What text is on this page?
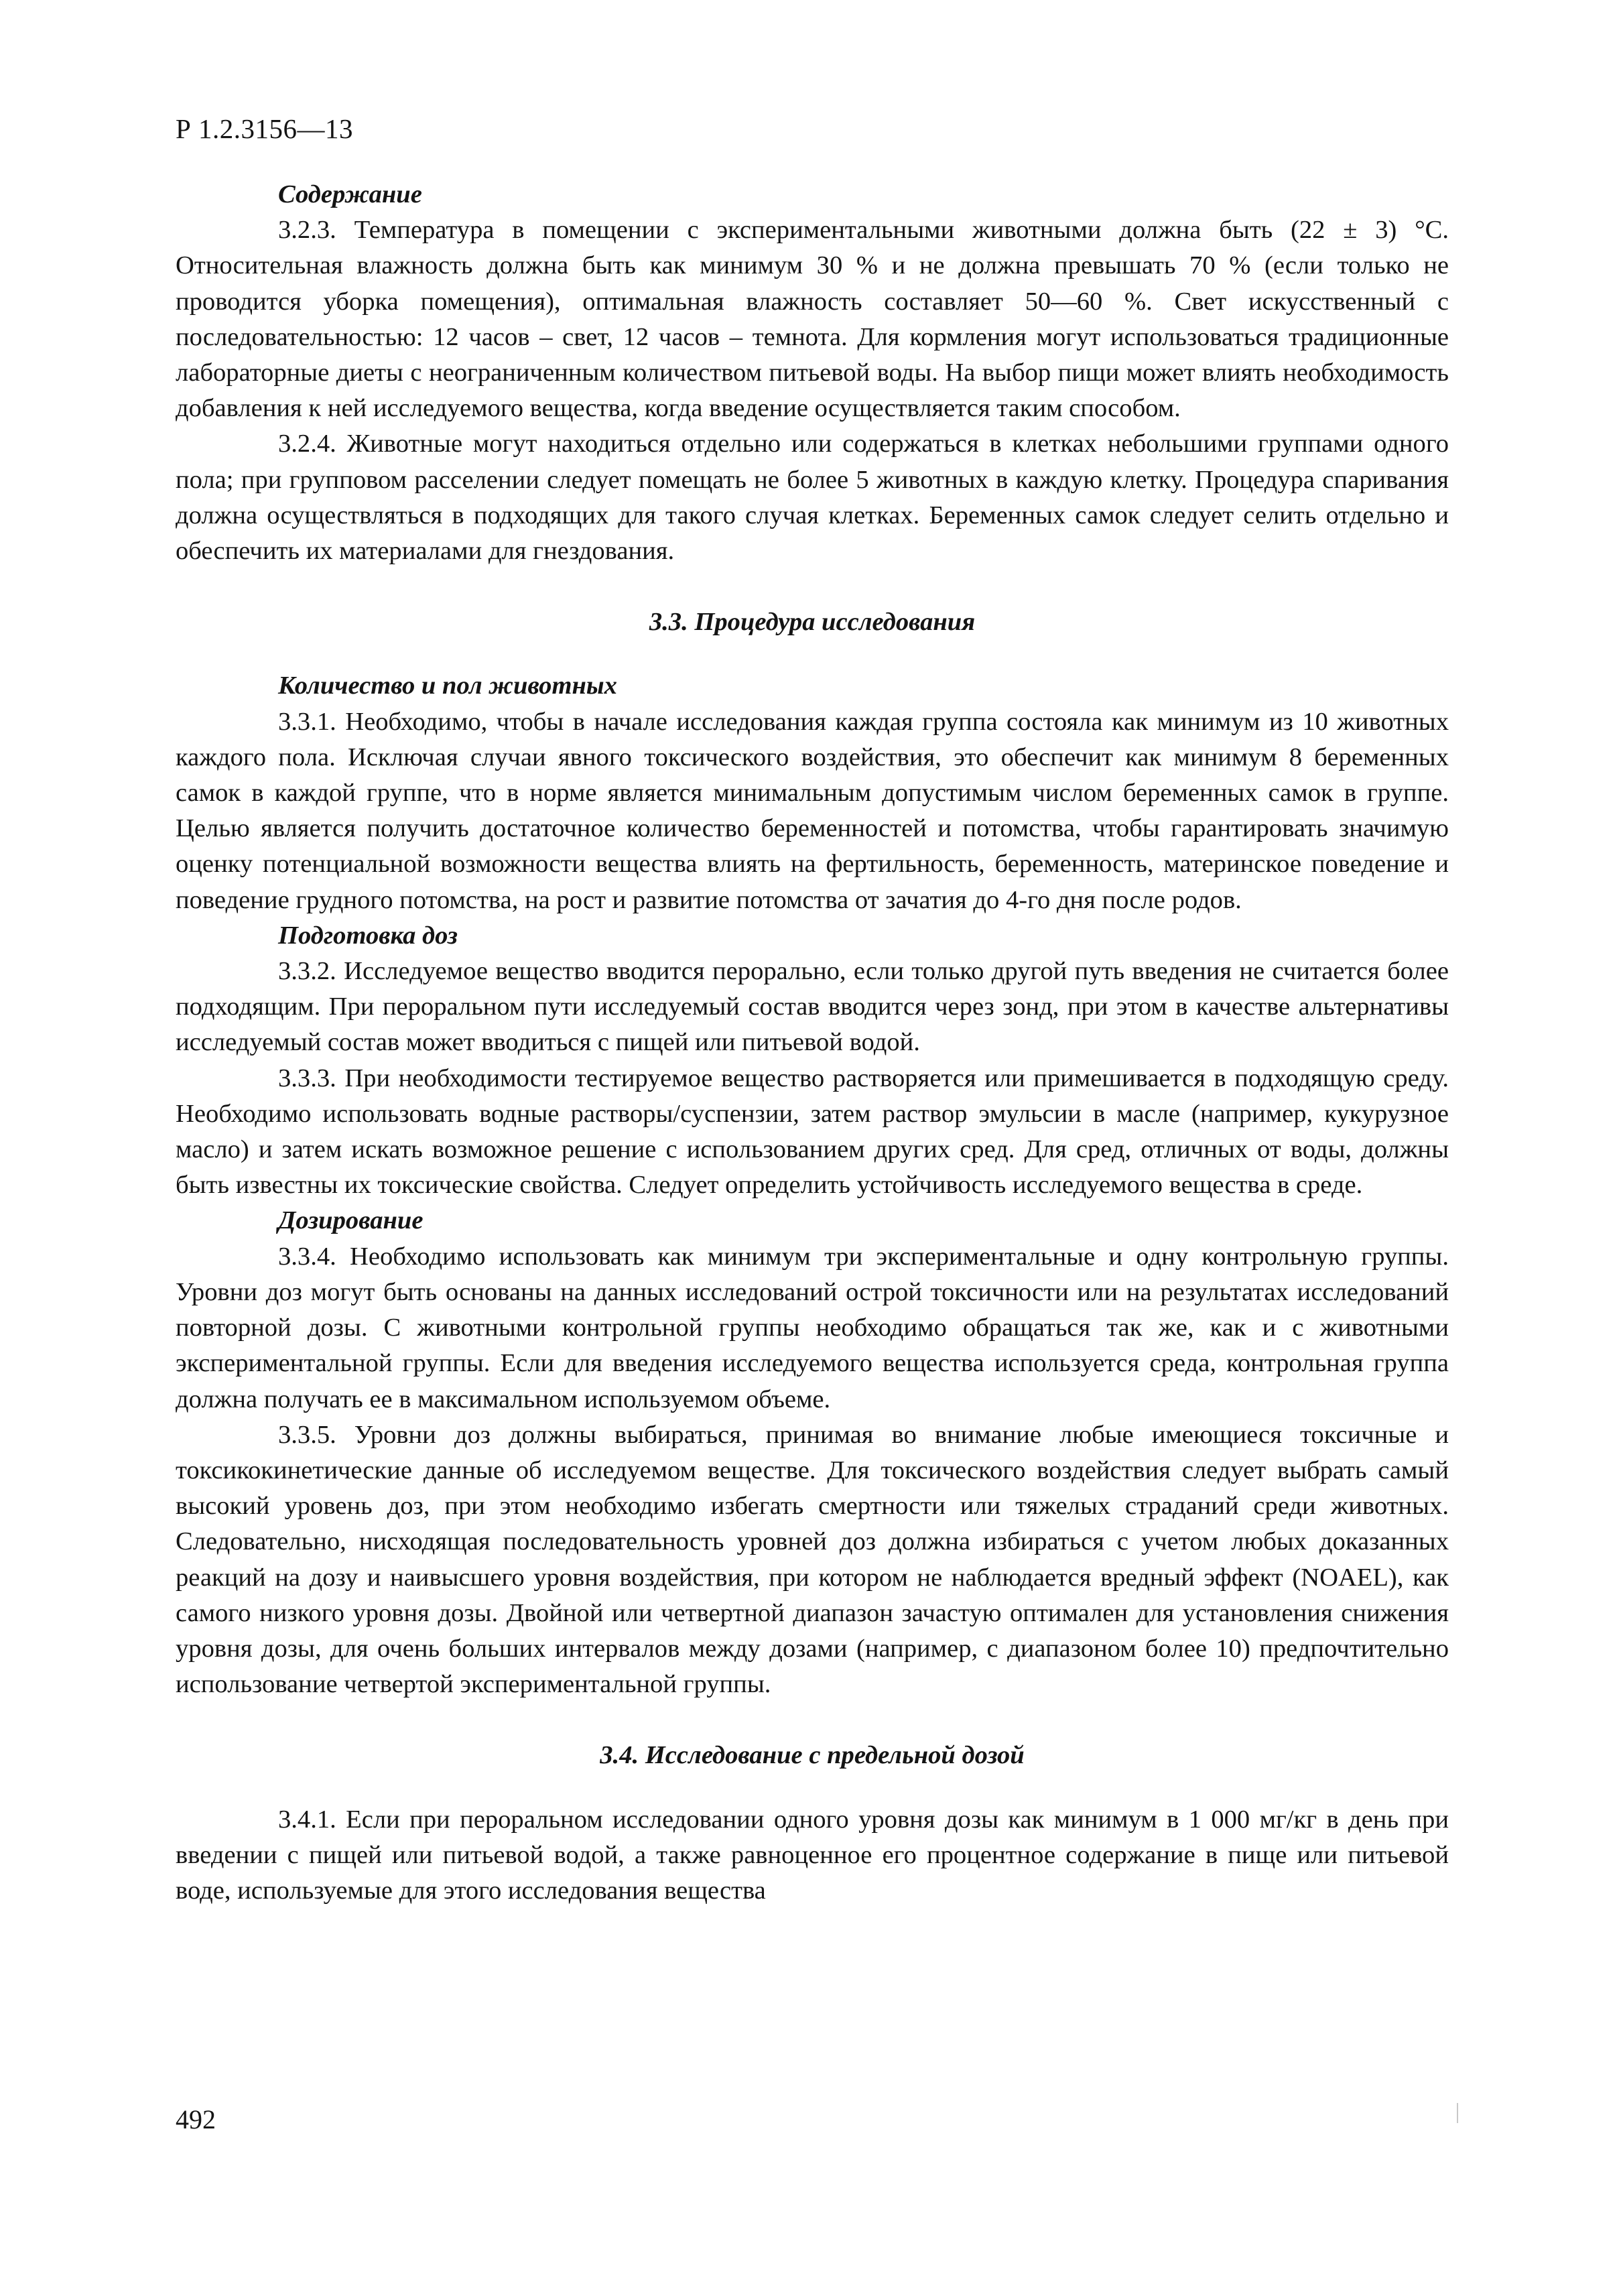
Р 1.2.3156—13
Содержание

3.2.3. Температура в помещении с экспериментальными животными должна быть (22 ± 3) °С. Относительная влажность должна быть как минимум 30 % и не должна превышать 70 % (если только не проводится уборка помещения), оптимальная влажность составляет 50—60 %. Свет искусственный с последовательностью: 12 часов – свет, 12 часов – темнота. Для кормления могут использоваться традиционные лабораторные диеты с неограниченным количеством питьевой воды. На выбор пищи может влиять необходимость добавления к ней исследуемого вещества, когда введение осуществляется таким способом.

3.2.4. Животные могут находиться отдельно или содержаться в клетках небольшими группами одного пола; при групповом расселении следует помещать не более 5 животных в каждую клетку. Процедура спаривания должна осуществляться в подходящих для такого случая клетках. Беременных самок следует селить отдельно и обеспечить их материалами для гнездования.

3.3. Процедура исследования
Количество и пол животных

3.3.1. Необходимо, чтобы в начале исследования каждая группа состояла как минимум из 10 животных каждого пола. Исключая случаи явного токсического воздействия, это обеспечит как минимум 8 беременных самок в каждой группе, что в норме является минимальным допустимым числом беременных самок в группе. Целью является получить достаточное количество беременностей и потомства, чтобы гарантировать значимую оценку потенциальной возможности вещества влиять на фертильность, беременность, материнское поведение и поведение грудного потомства, на рост и развитие потомства от зачатия до 4-го дня после родов.

Подготовка доз

3.3.2. Исследуемое вещество вводится перорально, если только другой путь введения не считается более подходящим. При пероральном пути исследуемый состав вводится через зонд, при этом в качестве альтернативы исследуемый состав может вводиться с пищей или питьевой водой.

3.3.3. При необходимости тестируемое вещество растворяется или примешивается в подходящую среду. Необходимо использовать водные растворы/суспензии, затем раствор эмульсии в масле (например, кукурузное масло) и затем искать возможное решение с использованием других сред. Для сред, отличных от воды, должны быть известны их токсические свойства. Следует определить устойчивость исследуемого вещества в среде.

Дозирование

3.3.4. Необходимо использовать как минимум три экспериментальные и одну контрольную группы. Уровни доз могут быть основаны на данных исследований острой токсичности или на результатах исследований повторной дозы. С животными контрольной группы необходимо обращаться так же, как и с животными экспериментальной группы. Если для введения исследуемого вещества используется среда, контрольная группа должна получать ее в максимальном используемом объеме.

3.3.5. Уровни доз должны выбираться, принимая во внимание любые имеющиеся токсичные и токсикокинетические данные об исследуемом веществе. Для токсического воздействия следует выбрать самый высокий уровень доз, при этом необходимо избегать смертности или тяжелых страданий среди животных. Следовательно, нисходящая последовательность уровней доз должна избираться с учетом любых доказанных реакций на дозу и наивысшего уровня воздействия, при котором не наблюдается вредный эффект (NOAEL), как самого низкого уровня дозы. Двойной или четвертной диапазон зачастую оптимален для установления снижения уровня дозы, для очень больших интервалов между дозами (например, с диапазоном более 10) предпочтительно использование четвертой экспериментальной группы.

3.4. Исследование с предельной дозой

3.4.1. Если при пероральном исследовании одного уровня дозы как минимум в 1 000 мг/кг в день при введении с пищей или питьевой водой, а также равноценное его процентное содержание в пище или питьевой воде, используемые для этого исследования вещества

492
